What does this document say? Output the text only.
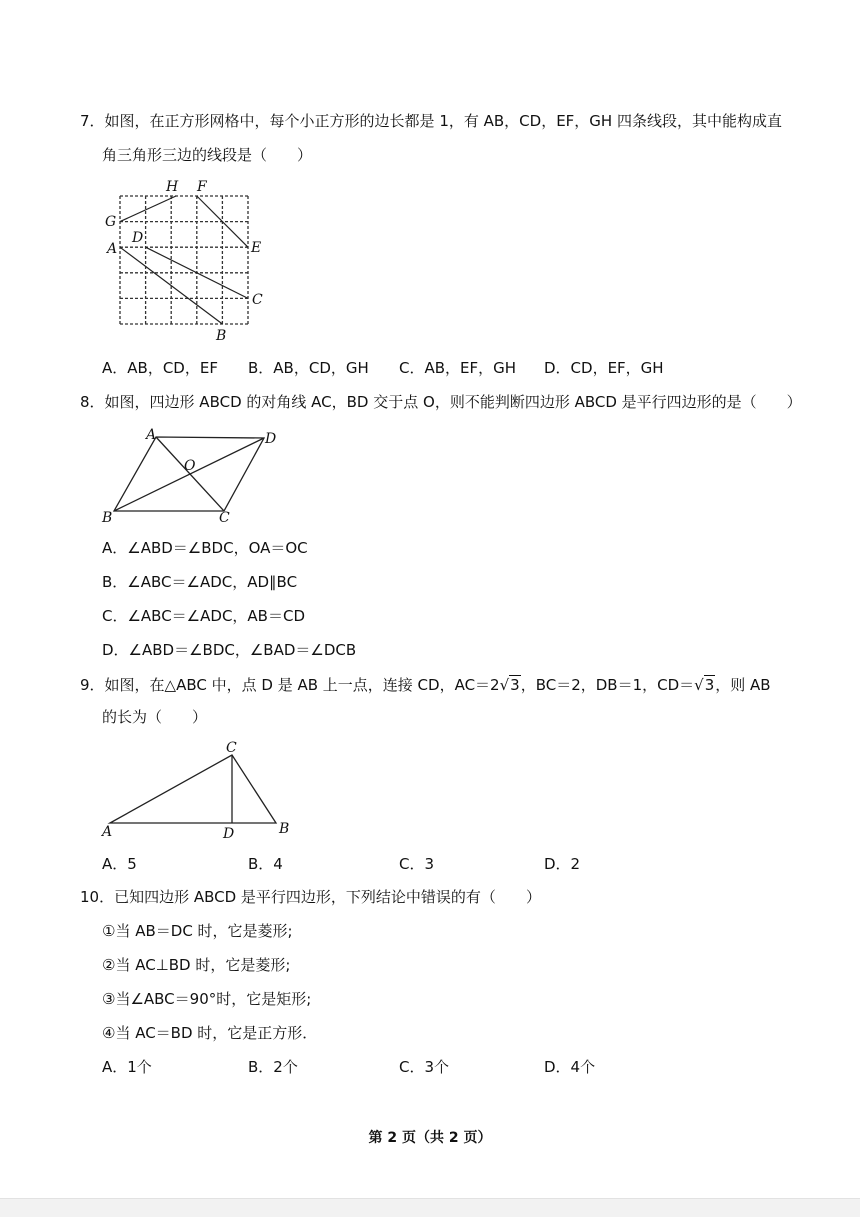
7．如图，在正方形网格中，每个小正方形的边长都是 1，有 AB，CD，EF，GH 四条线段，其中能构成直
角三角形三边的线段是（　　）
H F
G
E
A
D
C
B
A．AB，CD，EF B．AB，CD，GH C．AB，EF，GH D．CD，EF，GH
8．如图，四边形 ABCD 的对角线 AC，BD 交于点 O，则不能判断四边形 ABCD 是平行四边形的是（　　）
A	D
O
B	C
A．∠ABD＝∠BDC，OA＝OC
B．∠ABC＝∠ADC，AD∥BC
C．∠ABC＝∠ADC，AB＝CD
D．∠ABD＝∠BDC，∠BAD＝∠DCB
9．如图，在△ABC 中，点 D 是 AB 上一点，连接 CD，AC＝2√3，BC＝2，DB＝1，CD＝√3，则 AB
的长为（　　）
C
A	D	B
A．5	B．4	C．3	D．2
10．已知四边形 ABCD 是平行四边形，下列结论中错误的有（　　）
①当 AB＝DC 时，它是菱形;
②当 AC⊥BD 时，它是菱形;
③当∠ABC＝90°时，它是矩形;
④当 AC＝BD 时，它是正方形．
A．1个	B．2个	C．3个	D．4个
第 2 页（共 2 页）
